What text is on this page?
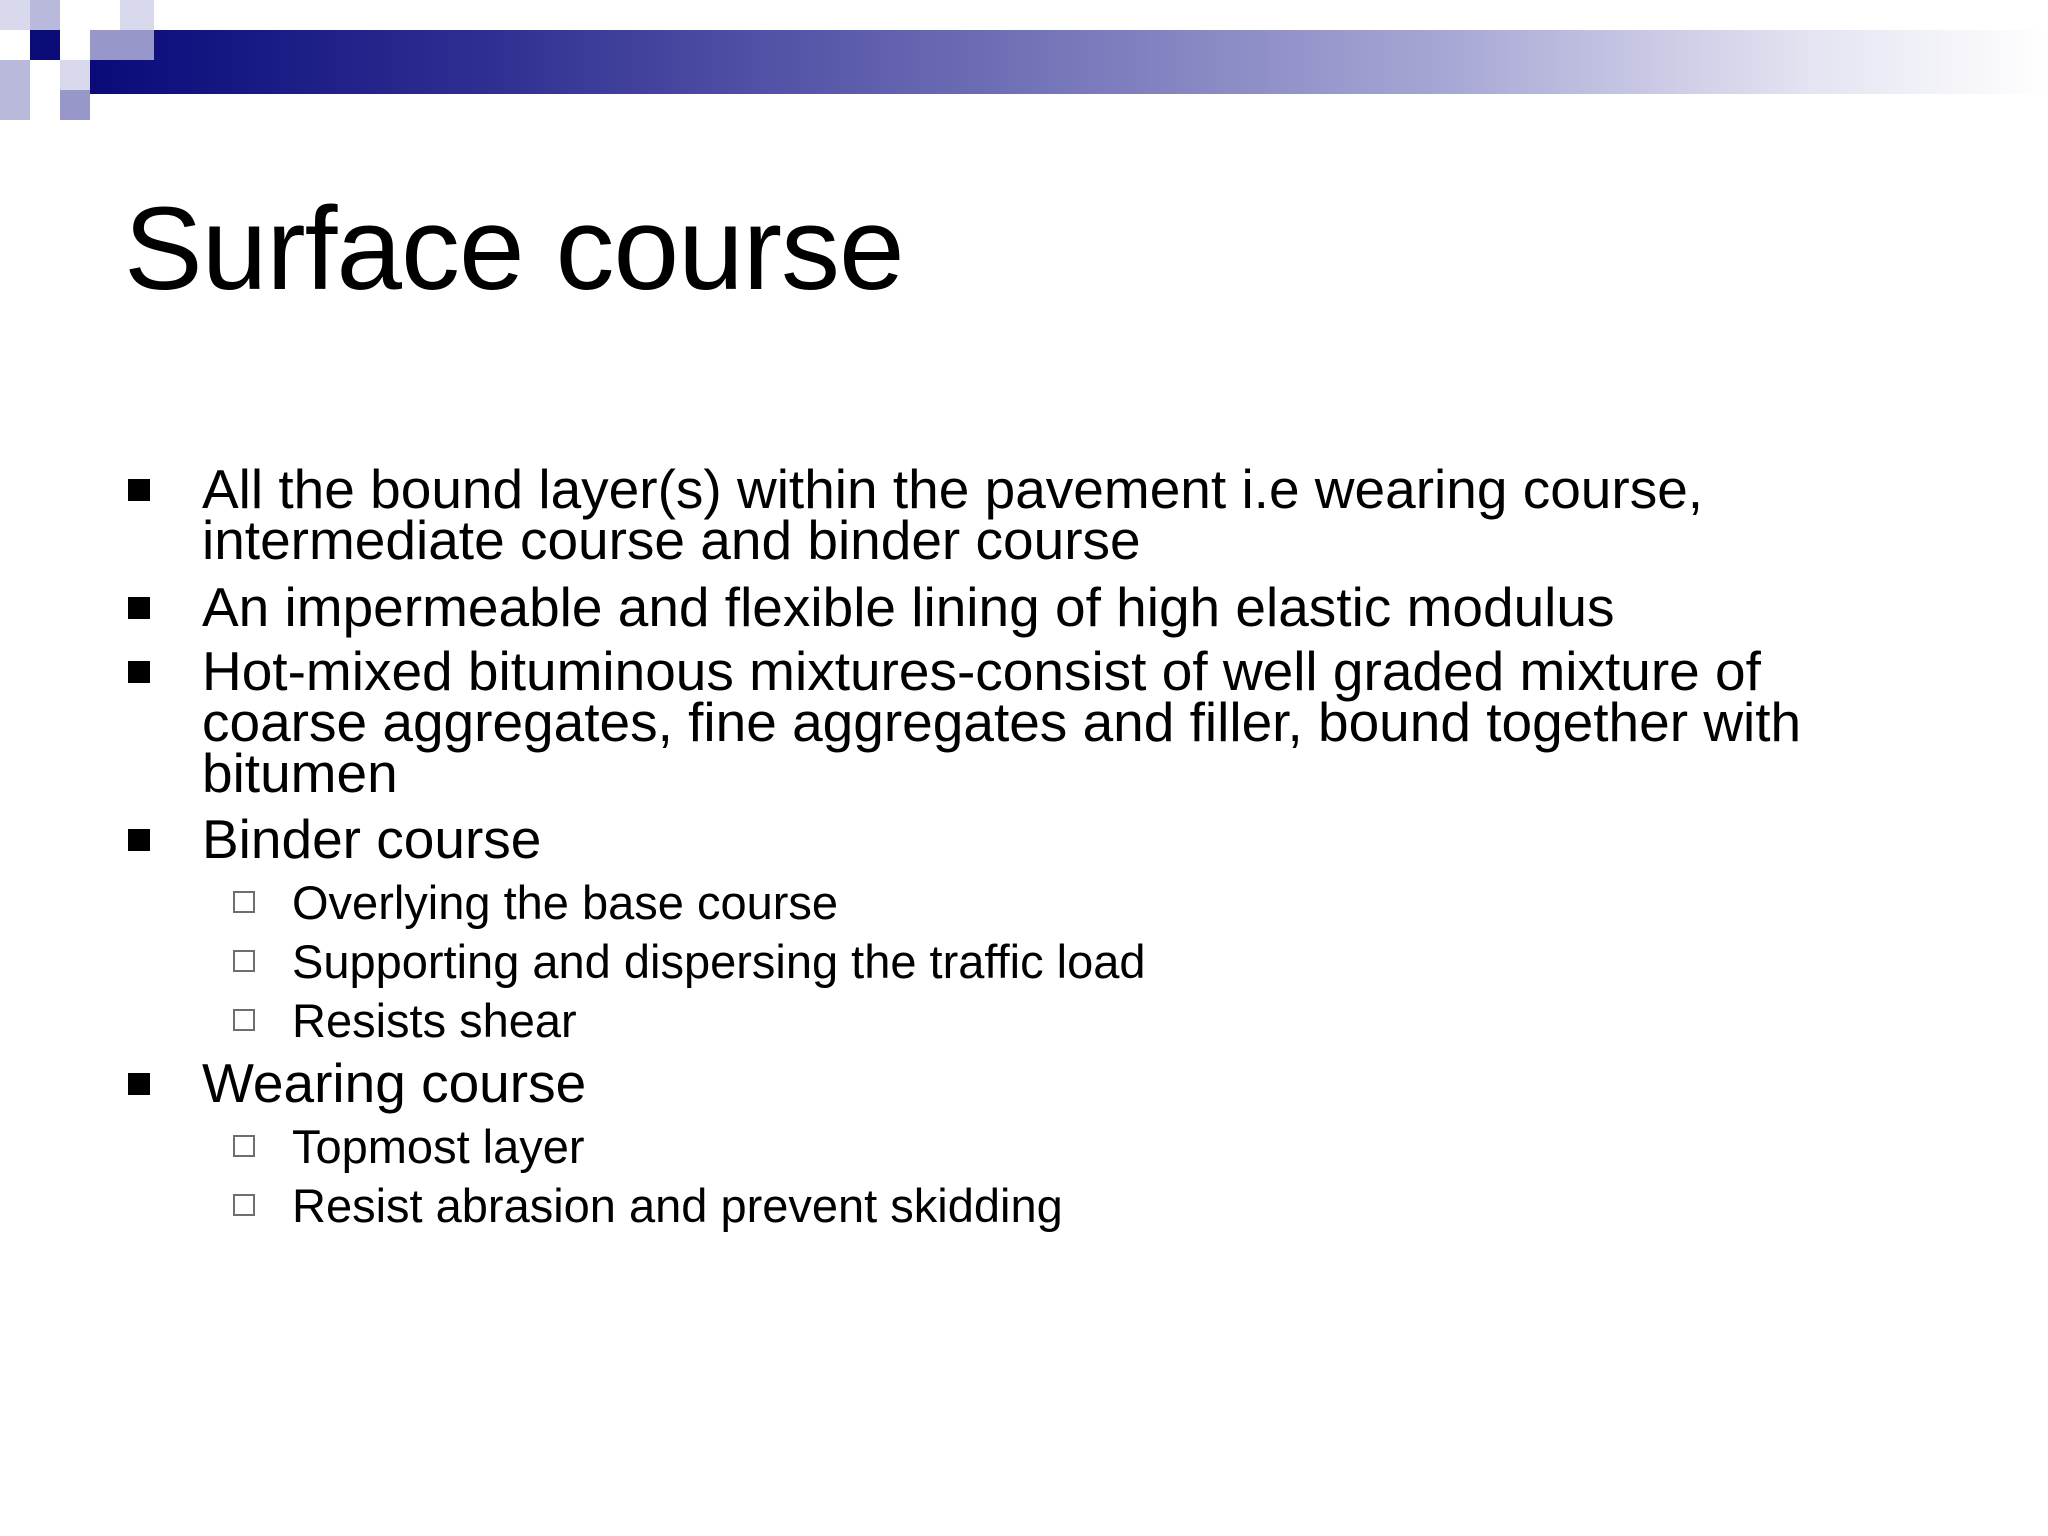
Surface course
All the bound layer(s) within the pavement i.e wearing course,
intermediate course and binder course
An impermeable and flexible lining of high elastic modulus
Hot-mixed bituminous mixtures-consist of well graded mixture of
coarse aggregates, fine aggregates and filler, bound together with
bitumen
Binder course
Overlying the base course
Supporting and dispersing the traffic load
Resists shear
Wearing course
Topmost layer
Resist abrasion and prevent skidding
